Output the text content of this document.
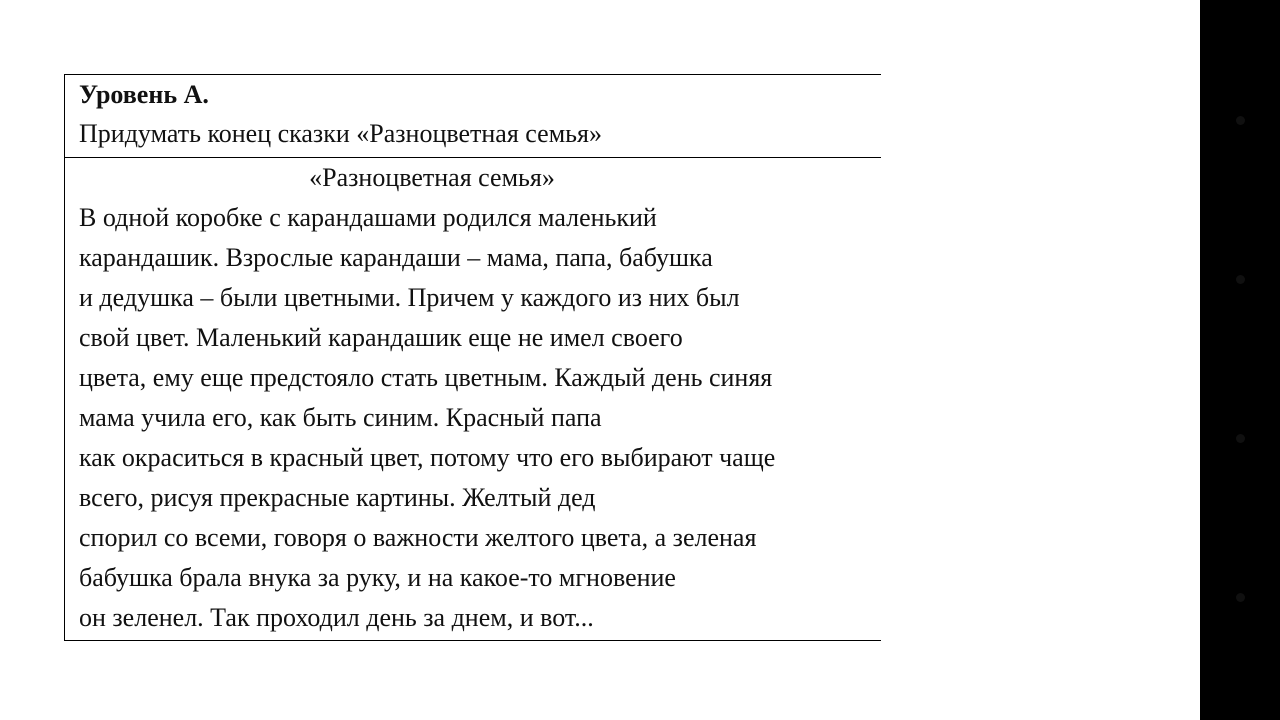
Уровень А.
Придумать конец сказки «Разноцветная семья»
«Разноцветная семья»
В одной коробке с карандашами родился маленький
карандашик. Взрослые карандаши – мама, папа, бабушка
и дедушка – были цветными. Причем у каждого из них был
свой цвет. Маленький карандашик еще не имел своего
цвета, ему еще предстояло стать цветным. Каждый день синяя
мама учила его, как быть синим. Красный папа
как окраситься в красный цвет, потому что его выбирают чаще
всего, рисуя прекрасные картины. Желтый дед
спорил со всеми, говоря о важности желтого цвета, а зеленая
бабушка брала внука за руку, и на какое-то мгновение
он зеленел. Так проходил день за днем, и вот...
